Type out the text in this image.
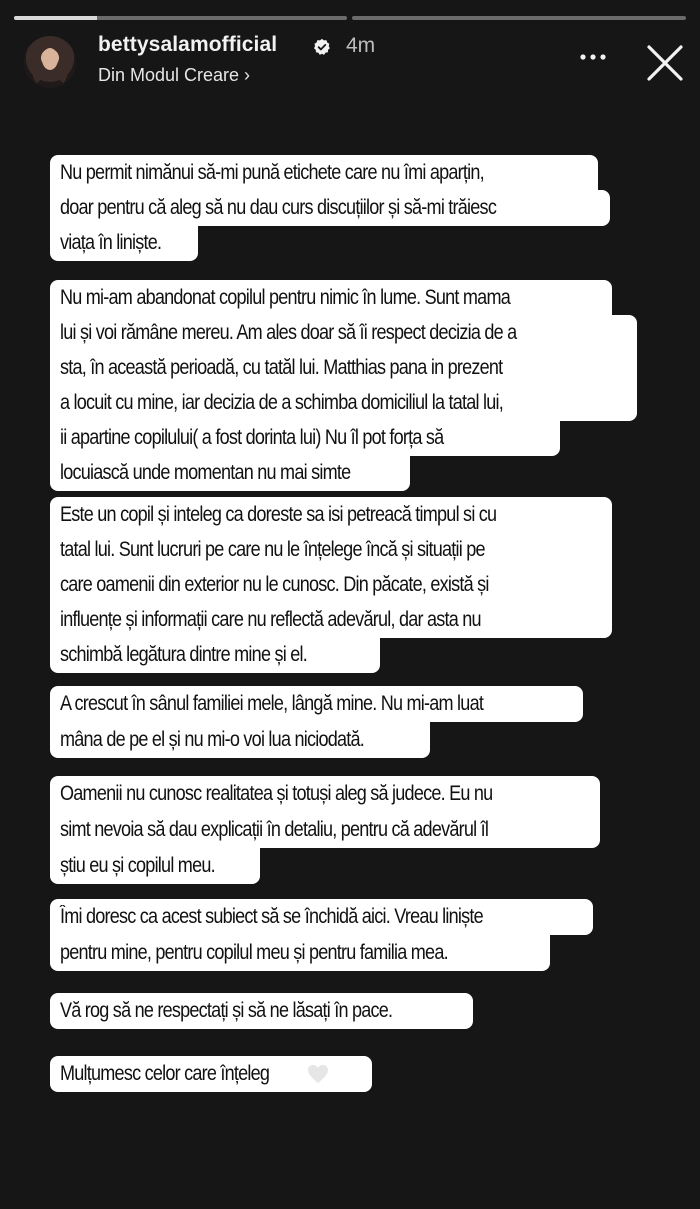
bettysalamofficial	4m
Din Modul Creare ›
Nu permit nimănui să-mi pună etichete care nu îmi aparțin,
doar pentru că aleg să nu dau curs discuțiilor și să-mi trăiesc
viața în liniște.
Nu mi-am abandonat copilul pentru nimic în lume. Sunt mama
lui și voi rămâne mereu. Am ales doar să îi respect decizia de a
sta, în această perioadă, cu tatăl lui. Matthias pana in prezent
a locuit cu mine, iar decizia de a schimba domiciliul la tatal lui,
ii apartine copilului( a fost dorinta lui) Nu îl pot forța să
locuiască unde momentan nu mai simte
Este un copil și inteleg ca doreste sa isi petreacă timpul si cu
tatal lui. Sunt lucruri pe care nu le înțelege încă și situații pe
care oamenii din exterior nu le cunosc. Din păcate, există și
influențe și informații care nu reflectă adevărul, dar asta nu
schimbă legătura dintre mine și el.
A crescut în sânul familiei mele, lângă mine. Nu mi-am luat
mâna de pe el și nu mi-o voi lua niciodată.
Oamenii nu cunosc realitatea și totuși aleg să judece. Eu nu
simt nevoia să dau explicații în detaliu, pentru că adevărul îl
știu eu și copilul meu.
Îmi doresc ca acest subiect să se închidă aici. Vreau liniște
pentru mine, pentru copilul meu și pentru familia mea.
Vă rog să ne respectați și să ne lăsați în pace.
Mulțumesc celor care înțeleg
